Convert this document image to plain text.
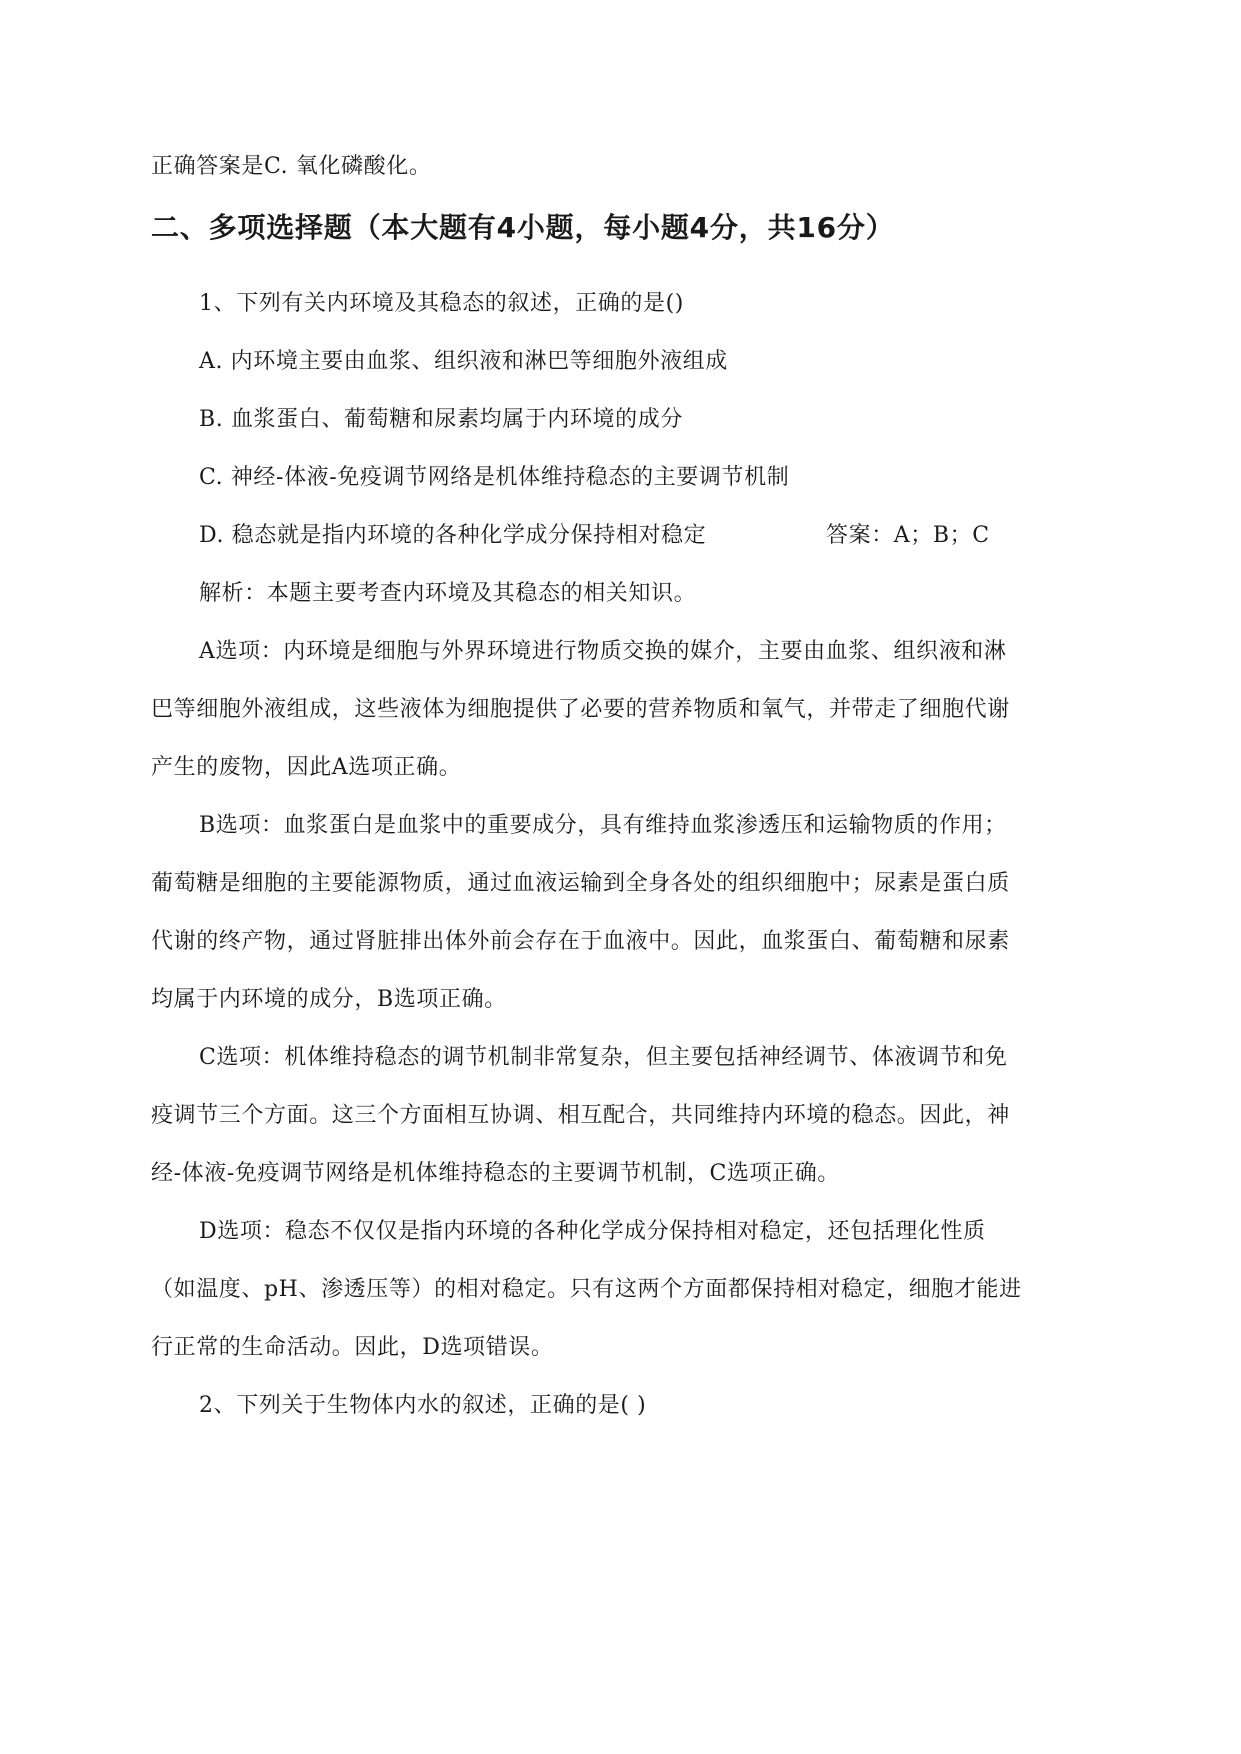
正确答案是C. 氧化磷酸化。

二、多项选择题（本大题有4小题，每小题4分，共16分）

1、下列有关内环境及其稳态的叙述，正确的是()

A. 内环境主要由血浆、组织液和淋巴等细胞外液组成

B. 血浆蛋白、葡萄糖和尿素均属于内环境的成分

C. 神经-体液-免疫调节网络是机体维持稳态的主要调节机制

D. 稳态就是指内环境的各种化学成分保持相对稳定	答案：A；B；C

解析：本题主要考查内环境及其稳态的相关知识。

A选项：内环境是细胞与外界环境进行物质交换的媒介，主要由血浆、组织液和淋

巴等细胞外液组成，这些液体为细胞提供了必要的营养物质和氧气，并带走了细胞代谢

产生的废物，因此A选项正确。

B选项：血浆蛋白是血浆中的重要成分，具有维持血浆渗透压和运输物质的作用；

葡萄糖是细胞的主要能源物质，通过血液运输到全身各处的组织细胞中；尿素是蛋白质

代谢的终产物，通过肾脏排出体外前会存在于血液中。因此，血浆蛋白、葡萄糖和尿素

均属于内环境的成分，B选项正确。

C选项：机体维持稳态的调节机制非常复杂，但主要包括神经调节、体液调节和免

疫调节三个方面。这三个方面相互协调、相互配合，共同维持内环境的稳态。因此，神

经-体液-免疫调节网络是机体维持稳态的主要调节机制，C选项正确。

D选项：稳态不仅仅是指内环境的各种化学成分保持相对稳定，还包括理化性质

（如温度、pH、渗透压等）的相对稳定。只有这两个方面都保持相对稳定，细胞才能进

行正常的生命活动。因此，D选项错误。

2、下列关于生物体内水的叙述，正确的是( )
